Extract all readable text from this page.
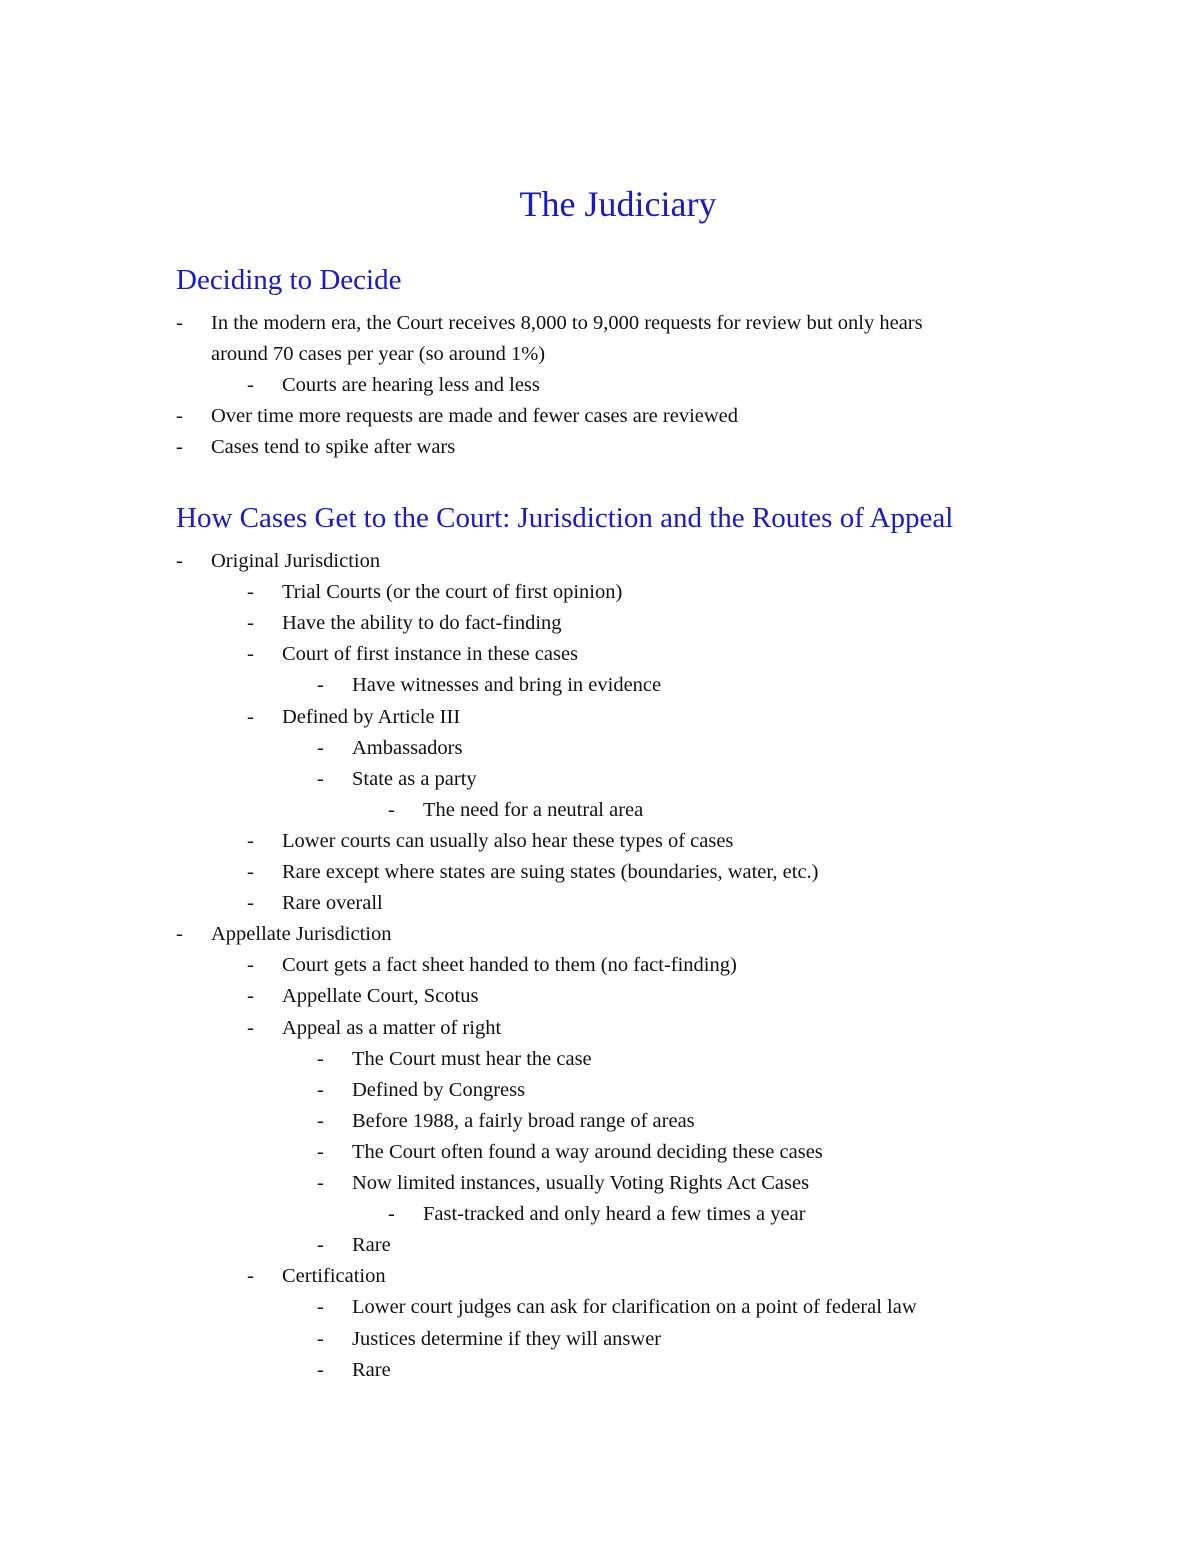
The Judiciary
Deciding to Decide
- In the modern era, the Court receives 8,000 to 9,000 requests for review but only hears
around 70 cases per year (so around 1%)
- Courts are hearing less and less
- Over time more requests are made and fewer cases are reviewed
- Cases tend to spike after wars
How Cases Get to the Court: Jurisdiction and the Routes of Appeal
- Original Jurisdiction
- Trial Courts (or the court of first opinion)
- Have the ability to do fact-finding
- Court of first instance in these cases
- Have witnesses and bring in evidence
- Defined by Article III
- Ambassadors
- State as a party
- The need for a neutral area
- Lower courts can usually also hear these types of cases
- Rare except where states are suing states (boundaries, water, etc.)
- Rare overall
- Appellate Jurisdiction
- Court gets a fact sheet handed to them (no fact-finding)
- Appellate Court, Scotus
- Appeal as a matter of right
- The Court must hear the case
- Defined by Congress
- Before 1988, a fairly broad range of areas
- The Court often found a way around deciding these cases
- Now limited instances, usually Voting Rights Act Cases
- Fast-tracked and only heard a few times a year
- Rare
- Certification
- Lower court judges can ask for clarification on a point of federal law
- Justices determine if they will answer
- Rare
